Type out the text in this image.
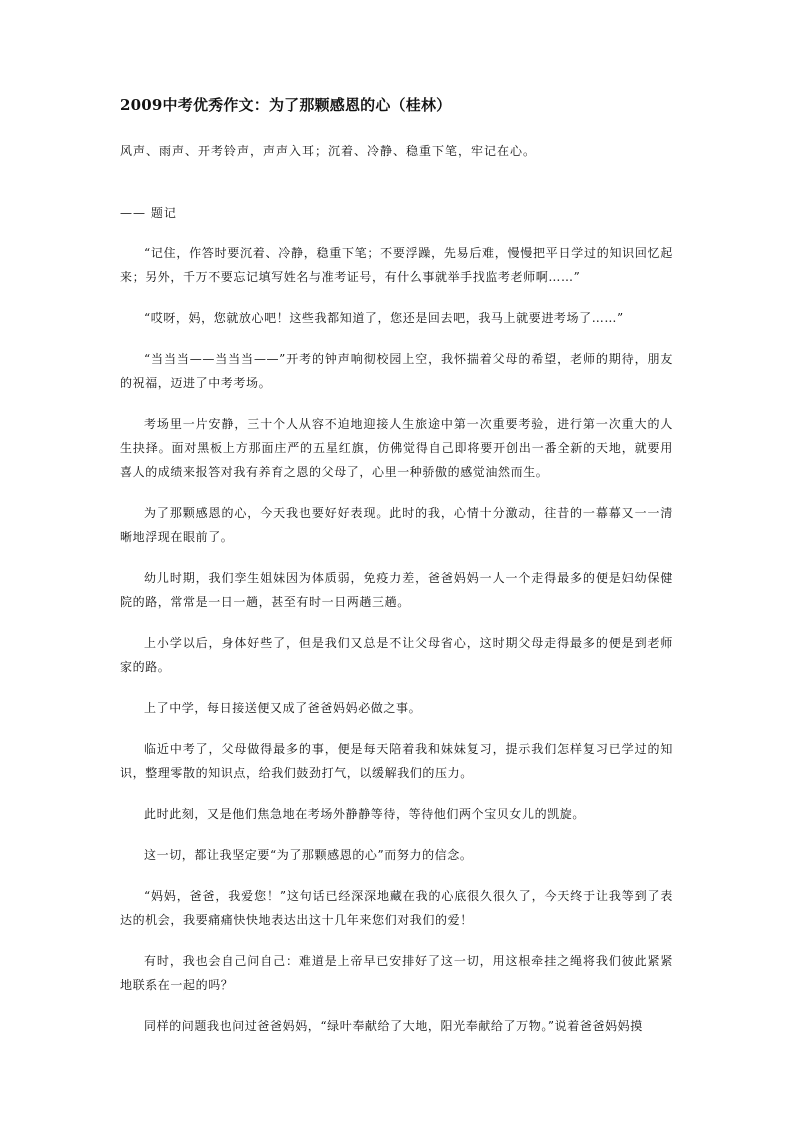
2009中考优秀作文：为了那颗感恩的心（桂林）
风声、雨声、开考铃声，声声入耳；沉着、冷静、稳重下笔，牢记在心。
—— 题记

“记住，作答时要沉着、冷静，稳重下笔；不要浮躁，先易后难，慢慢把平日学过的知识回忆起来；另外，千万不要忘记填写姓名与准考证号，有什么事就举手找监考老师啊……”

“哎呀，妈，您就放心吧！这些我都知道了，您还是回去吧，我马上就要进考场了……”

“当当当——当当当——”开考的钟声响彻校园上空，我怀揣着父母的希望，老师的期待，朋友的祝福，迈进了中考考场。

考场里一片安静，三十个人从容不迫地迎接人生旅途中第一次重要考验，进行第一次重大的人生抉择。面对黑板上方那面庄严的五星红旗，仿佛觉得自己即将要开创出一番全新的天地，就要用喜人的成绩来报答对我有养育之恩的父母了，心里一种骄傲的感觉油然而生。

为了那颗感恩的心，今天我也要好好表现。此时的我，心情十分激动，往昔的一幕幕又一一清晰地浮现在眼前了。

幼儿时期，我们孪生姐妹因为体质弱，免疫力差，爸爸妈妈一人一个走得最多的便是妇幼保健院的路，常常是一日一趟，甚至有时一日两趟三趟。

上小学以后，身体好些了，但是我们又总是不让父母省心，这时期父母走得最多的便是到老师家的路。

上了中学，每日接送便又成了爸爸妈妈必做之事。

临近中考了，父母做得最多的事，便是每天陪着我和妹妹复习，提示我们怎样复习已学过的知识，整理零散的知识点，给我们鼓劲打气，以缓解我们的压力。

此时此刻，又是他们焦急地在考场外静静等待，等待他们两个宝贝女儿的凯旋。

这一切，都让我坚定要“为了那颗感恩的心”而努力的信念。

“妈妈，爸爸，我爱您！”这句话已经深深地藏在我的心底很久很久了，今天终于让我等到了表达的机会，我要痛痛快快地表达出这十几年来您们对我们的爱！

有时，我也会自己问自己：难道是上帝早已安排好了这一切，用这根牵挂之绳将我们彼此紧紧地联系在一起的吗？

同样的问题我也问过爸爸妈妈，“绿叶奉献给了大地，阳光奉献给了万物。”说着爸爸妈妈摸
